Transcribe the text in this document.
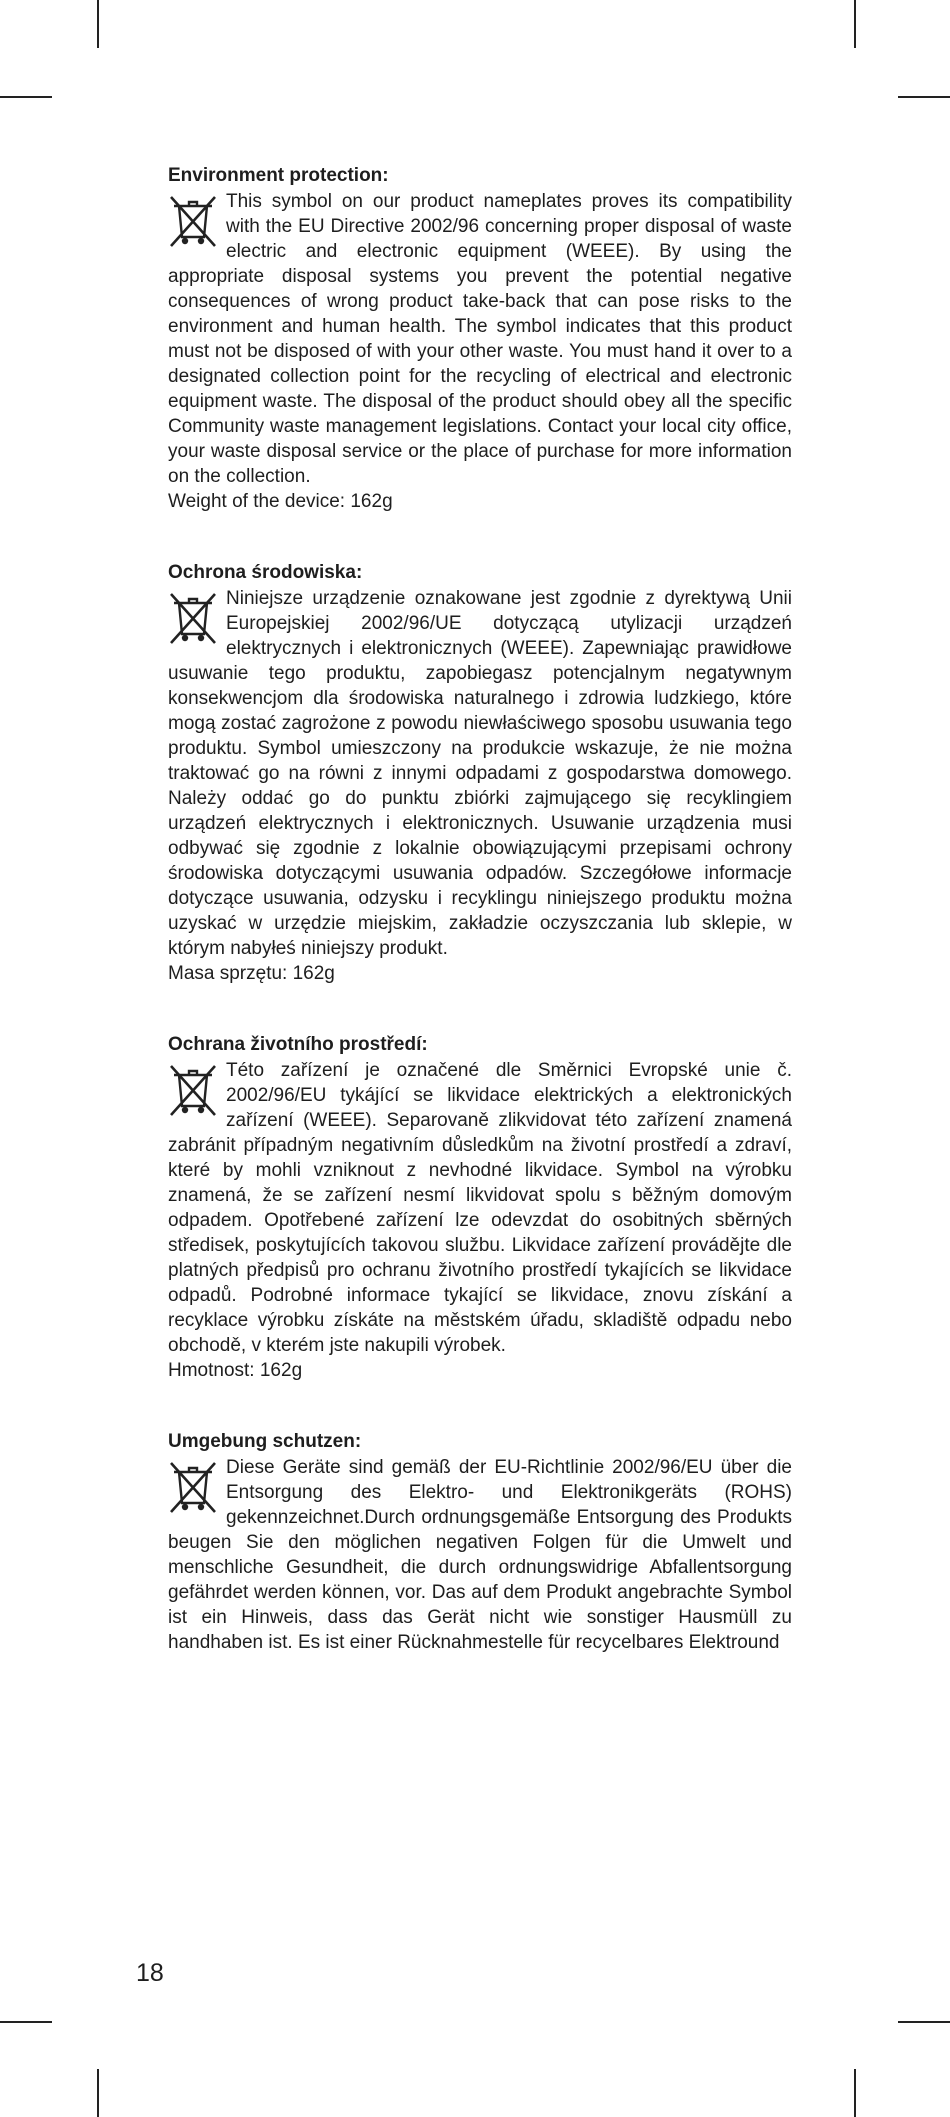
Environment protection:

This symbol on our product nameplates proves its compatibility with the EU Directive 2002/96 concerning proper disposal of waste electric and electronic equipment (WEEE). By using the appropriate disposal systems you prevent the potential negative consequences of wrong product take-back that can pose risks to the environment and human health. The symbol indicates that this product must not be disposed of with your other waste. You must hand it over to a designated collection point for the recycling of electrical and electronic equipment waste. The disposal of the product should obey all the specific Community waste management legislations. Contact your local city office, your waste disposal service or the place of purchase for more information on the collection.

Weight of the device: 162g

Ochrona środowiska:

Niniejsze urządzenie oznakowane jest zgodnie z dyrektywą Unii Europejskiej 2002/96/UE dotyczącą utylizacji urządzeń elektrycznych i elektronicznych (WEEE). Zapewniając prawidłowe usuwanie tego produktu, zapobiegasz potencjalnym negatywnym konsekwencjom dla środowiska naturalnego i zdrowia ludzkiego, które mogą zostać zagrożone z powodu niewłaściwego sposobu usuwania tego produktu. Symbol umieszczony na produkcie wskazuje, że nie można traktować go na równi z innymi odpadami z gospodarstwa domowego. Należy oddać go do punktu zbiórki zajmującego się recyklingiem urządzeń elektrycznych i elektronicznych. Usuwanie urządzenia musi odbywać się zgodnie z lokalnie obowiązującymi przepisami ochrony środowiska dotyczącymi usuwania odpadów. Szczegółowe informacje dotyczące usuwania, odzysku i recyklingu niniejszego produktu można uzyskać w urzędzie miejskim, zakładzie oczyszczania lub sklepie, w którym nabyłeś niniejszy produkt.

Masa sprzętu: 162g

Ochrana životního prostředí:

Této zařízení je označené dle Směrnici Evropské unie č. 2002/96/EU tykájící se likvidace elektrických a elektronických zařízení (WEEE). Separovaně zlikvidovat této zařízení znamená zabránit případným negativním důsledkům na životní prostředí a zdraví, které by mohli vzniknout z nevhodné likvidace. Symbol na výrobku znamená, že se zařízení nesmí likvidovat spolu s běžným domovým odpadem. Opotřebené zařízení lze odevzdat do osobitných sběrných středisek, poskytujících takovou službu. Likvidace zařízení provádějte dle platných předpisů pro ochranu životního prostředí tykajících se likvidace odpadů. Podrobné informace tykající se likvidace, znovu získání a recyklace výrobku získáte na městském úřadu, skladiště odpadu nebo obchodě, v kterém jste nakupili výrobek.

Hmotnost: 162g

Umgebung schutzen:

Diese Geräte sind gemäß der EU-Richtlinie 2002/96/EU über die Entsorgung des Elektro- und Elektronikgeräts (ROHS) gekennzeichnet.Durch ordnungsgemäße Entsorgung des Produkts beugen Sie den möglichen negativen Folgen für die Umwelt und menschliche Gesundheit, die durch ordnungswidrige Abfallentsorgung gefährdet werden können, vor. Das auf dem Produkt angebrachte Symbol ist ein Hinweis, dass das Gerät nicht wie sonstiger Hausmüll zu handhaben ist. Es ist einer Rücknahmestelle für recycelbares Elektround

18
